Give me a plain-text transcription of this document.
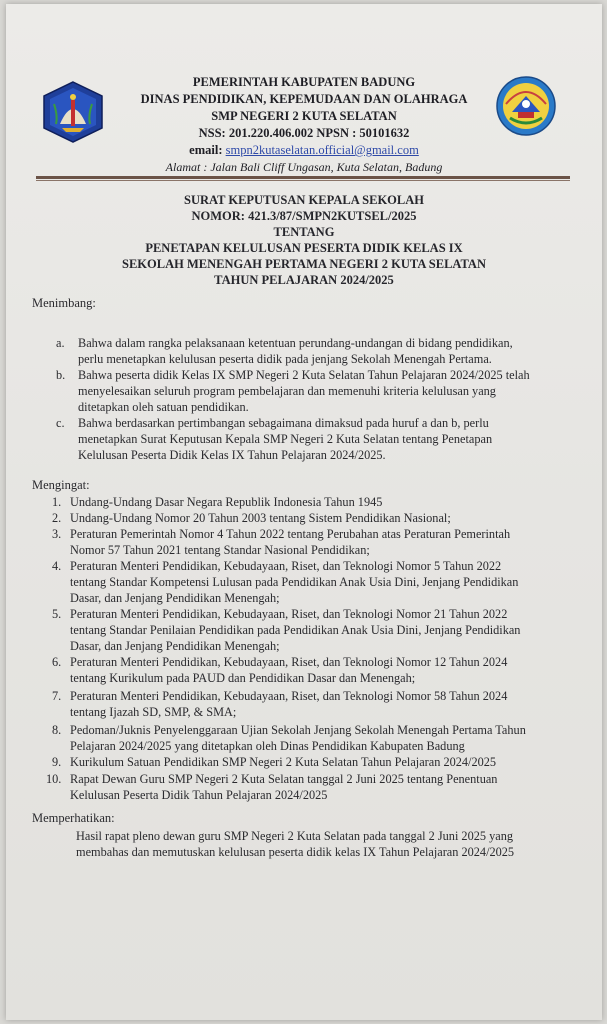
PEMERINTAH KABUPATEN BADUNG
DINAS PENDIDIKAN, KEPEMUDAAN DAN OLAHRAGA
SMP NEGERI 2 KUTA SELATAN
NSS: 201.220.406.002 NPSN : 50101632
email: smpn2kutaselatan.official@gmail.com
Alamat : Jalan Bali Cliff Ungasan, Kuta Selatan, Badung
SURAT KEPUTUSAN KEPALA SEKOLAH
NOMOR: 421.3/87/SMPN2KUTSEL/2025
TENTANG
PENETAPAN KELULUSAN PESERTA DIDIK KELAS IX
SEKOLAH MENENGAH PERTAMA NEGERI 2 KUTA SELATAN
TAHUN PELAJARAN 2024/2025
Menimbang:
a. Bahwa dalam rangka pelaksanaan ketentuan perundang-undangan di bidang pendidikan,
perlu menetapkan kelulusan peserta didik pada jenjang Sekolah Menengah Pertama.
b. Bahwa peserta didik Kelas IX SMP Negeri 2 Kuta Selatan Tahun Pelajaran 2024/2025 telah
menyelesaikan seluruh program pembelajaran dan memenuhi kriteria kelulusan yang
ditetapkan oleh satuan pendidikan.
c. Bahwa berdasarkan pertimbangan sebagaimana dimaksud pada huruf a dan b, perlu
menetapkan Surat Keputusan Kepala SMP Negeri 2 Kuta Selatan tentang Penetapan
Kelulusan Peserta Didik Kelas IX Tahun Pelajaran 2024/2025.
Mengingat:
1. Undang-Undang Dasar Negara Republik Indonesia Tahun 1945
2. Undang-Undang Nomor 20 Tahun 2003 tentang Sistem Pendidikan Nasional;
3. Peraturan Pemerintah Nomor 4 Tahun 2022 tentang Perubahan atas Peraturan Pemerintah
Nomor 57 Tahun 2021 tentang Standar Nasional Pendidikan;
4. Peraturan Menteri Pendidikan, Kebudayaan, Riset, dan Teknologi Nomor 5 Tahun 2022
tentang Standar Kompetensi Lulusan pada Pendidikan Anak Usia Dini, Jenjang Pendidikan
Dasar, dan Jenjang Pendidikan Menengah;
5. Peraturan Menteri Pendidikan, Kebudayaan, Riset, dan Teknologi Nomor 21 Tahun 2022
tentang Standar Penilaian Pendidikan pada Pendidikan Anak Usia Dini, Jenjang Pendidikan
Dasar, dan Jenjang Pendidikan Menengah;
6. Peraturan Menteri Pendidikan, Kebudayaan, Riset, dan Teknologi Nomor 12 Tahun 2024
tentang Kurikulum pada PAUD dan Pendidikan Dasar dan Menengah;
7. Peraturan Menteri Pendidikan, Kebudayaan, Riset, dan Teknologi Nomor 58 Tahun 2024
tentang Ijazah SD, SMP, & SMA;
8. Pedoman/Juknis Penyelenggaraan Ujian Sekolah Jenjang Sekolah Menengah Pertama Tahun
Pelajaran 2024/2025 yang ditetapkan oleh Dinas Pendidikan Kabupaten Badung
9. Kurikulum Satuan Pendidikan SMP Negeri 2 Kuta Selatan Tahun Pelajaran 2024/2025
10. Rapat Dewan Guru SMP Negeri 2 Kuta Selatan tanggal 2 Juni 2025 tentang Penentuan
Kelulusan Peserta Didik Tahun Pelajaran 2024/2025
Memperhatikan:
Hasil rapat pleno dewan guru SMP Negeri 2 Kuta Selatan pada tanggal 2 Juni 2025 yang
membahas dan memutuskan kelulusan peserta didik kelas IX Tahun Pelajaran 2024/2025
